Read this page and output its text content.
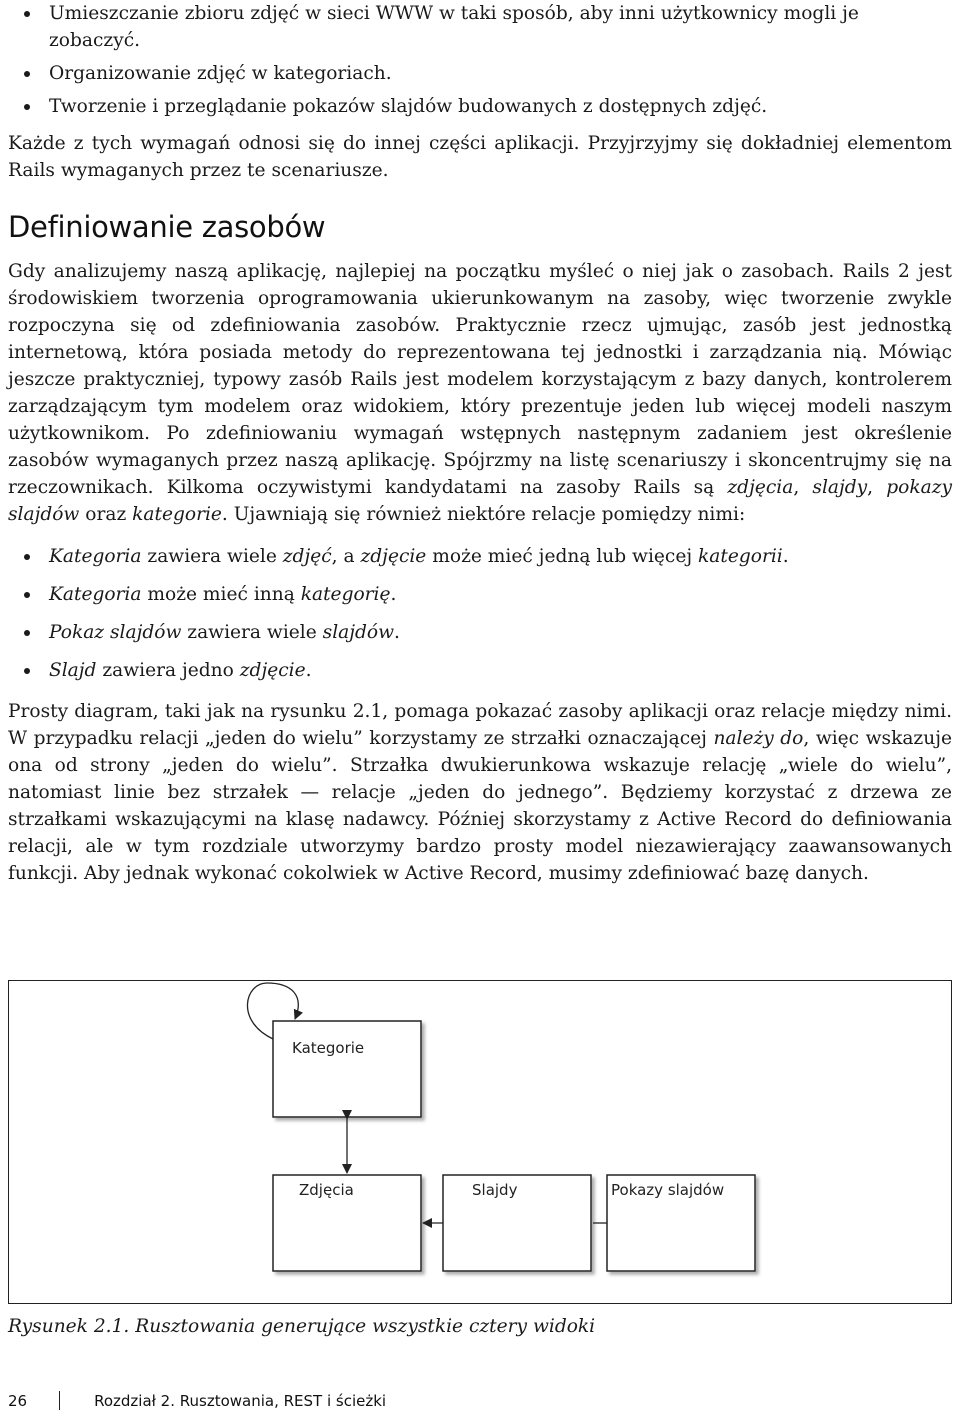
Umieszczanie zbioru zdjęć w sieci WWW w taki sposób, aby inni użytkownicy mogli je zobaczyć.
Organizowanie zdjęć w kategoriach.
Tworzenie i przeglądanie pokazów slajdów budowanych z dostępnych zdjęć.

Każde z tych wymagań odnosi się do innej części aplikacji. Przyjrzyjmy się dokładniej elementom Rails wymaganych przez te scenariusze.

Definiowanie zasobów

Gdy analizujemy naszą aplikację, najlepiej na początku myśleć o niej jak o zasobach. Rails 2 jest środowiskiem tworzenia oprogramowania ukierunkowanym na zasoby, więc tworzenie zwykle rozpoczyna się od zdefiniowania zasobów. Praktycznie rzecz ujmując, zasób jest jednostką internetową, która posiada metody do reprezentowana tej jednostki i zarządzania nią. Mówiąc jeszcze praktyczniej, typowy zasób Rails jest modelem korzystającym z bazy danych, kontrolerem zarządzającym tym modelem oraz widokiem, który prezentuje jeden lub więcej modeli naszym użytkownikom. Po zdefiniowaniu wymagań wstępnych następnym zadaniem jest określenie zasobów wymaganych przez naszą aplikację. Spójrzmy na listę scenariuszy i skoncentrujmy się na rzeczownikach. Kilkoma oczywistymi kandydatami na zasoby Rails są zdjęcia, slajdy, pokazy slajdów oraz kategorie. Ujawniają się również niektóre relacje pomiędzy nimi:

Kategoria zawiera wiele zdjęć, a zdjęcie może mieć jedną lub więcej kategorii.
Kategoria może mieć inną kategorię.
Pokaz slajdów zawiera wiele slajdów.
Slajd zawiera jedno zdjęcie.

Prosty diagram, taki jak na rysunku 2.1, pomaga pokazać zasoby aplikacji oraz relacje między nimi. W przypadku relacji „jeden do wielu” korzystamy ze strzałki oznaczającej należy do, więc wskazuje ona od strony „jeden do wielu”. Strzałka dwukierunkowa wskazuje relację „wiele do wielu”, natomiast linie bez strzałek — relacje „jeden do jednego”. Będziemy korzystać z drzewa ze strzałkami wskazującymi na klasę nadawcy. Później skorzystamy z Active Record do definiowania relacji, ale w tym rozdziale utworzymy bardzo prosty model niezawierający zaawansowanych funkcji. Aby jednak wykonać cokolwiek w Active Record, musimy zdefiniować bazę danych.

Kategorie
Zdjęcia	Slajdy	Pokazy slajdów
Rysunek 2.1. Rusztowania generujące wszystkie cztery widoki
26	Rozdział 2. Rusztowania, REST i ścieżki
